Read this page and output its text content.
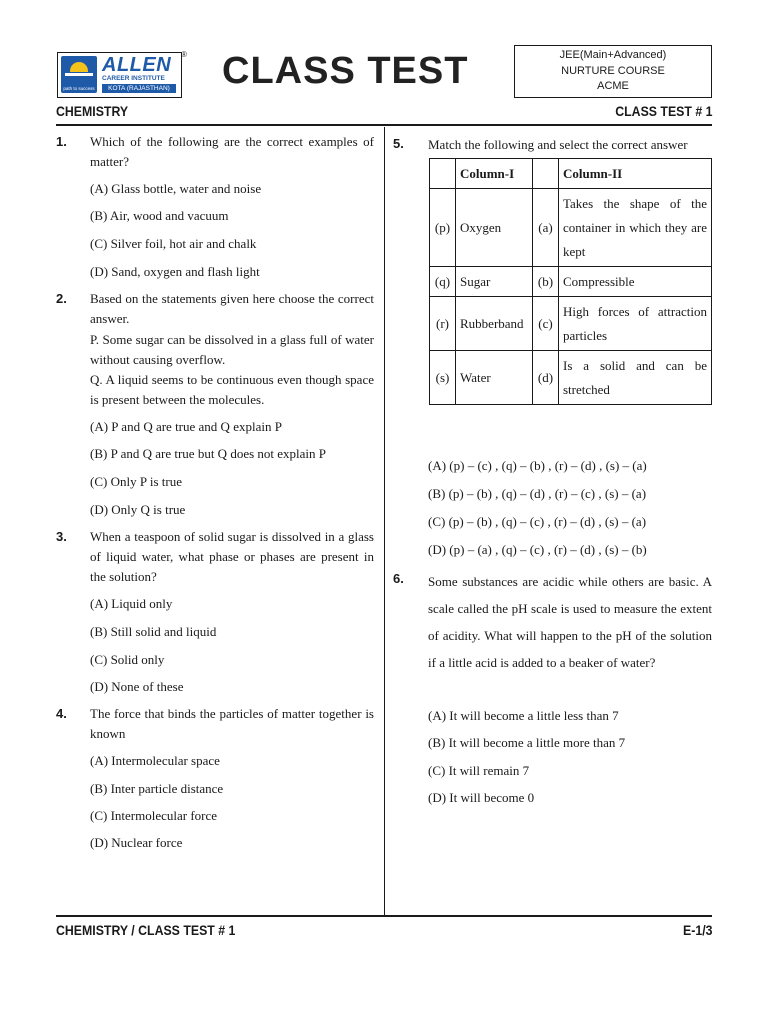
path to success
ALLEN
CAREER INSTITUTE
KOTA (RAJASTHAN)
® CLASS TEST	JEE(Main+Advanced)
NURTURE COURSE
ACME
CHEMISTRY	CLASS TEST # 1
1. Which of the following are the correct examples of matter?
(A) Glass bottle, water and noise
(B) Air, wood and vacuum
(C) Silver foil, hot air and chalk
(D) Sand, oxygen and flash light
2. Based on the statements given here choose the correct answer.
P. Some sugar can be dissolved in a glass full of water without causing overflow.
Q. A liquid seems to be continuous even though space is present between the molecules.
(A) P and Q are true and Q explain P
(B) P and Q are true but Q does not explain P
(C) Only P is true
(D) Only Q is true
3. When a teaspoon of solid sugar is dissolved in a glass of liquid water, what phase or phases are present in the solution?
(A) Liquid only
(B) Still solid and liquid
(C) Solid only
(D) None of these
4. The force that binds the particles of matter together is known
(A) Intermolecular space
(B) Inter particle distance
(C) Intermolecular force
(D) Nuclear force
5. Match the following and select the correct answer
	Column-I		Column-II
(p)	Oxygen	(a)	Takes the shape of the container in which they are kept
(q)	Sugar	(b)	Compressible
(r)	Rubberband	(c)	High forces of attraction particles
(s)	Water	(d)	Is a solid and can be stretched
(A) (p) – (c) , (q) – (b) , (r) – (d) , (s) – (a)
(B) (p) – (b) , (q) – (d) , (r) – (c) , (s) – (a)
(C) (p) – (b) , (q) – (c) , (r) – (d) , (s) – (a)
(D) (p) – (a) , (q) – (c) , (r) – (d) , (s) – (b)
6. Some substances are acidic while others are basic. A scale called the pH scale is used to measure the extent of acidity. What will happen to the pH of the solution if a little acid is added to a beaker of water?
(A) It will become a little less than 7
(B) It will become a little more than 7
(C) It will remain 7
(D) It will become 0
CHEMISTRY / CLASS TEST # 1	E-1/3
